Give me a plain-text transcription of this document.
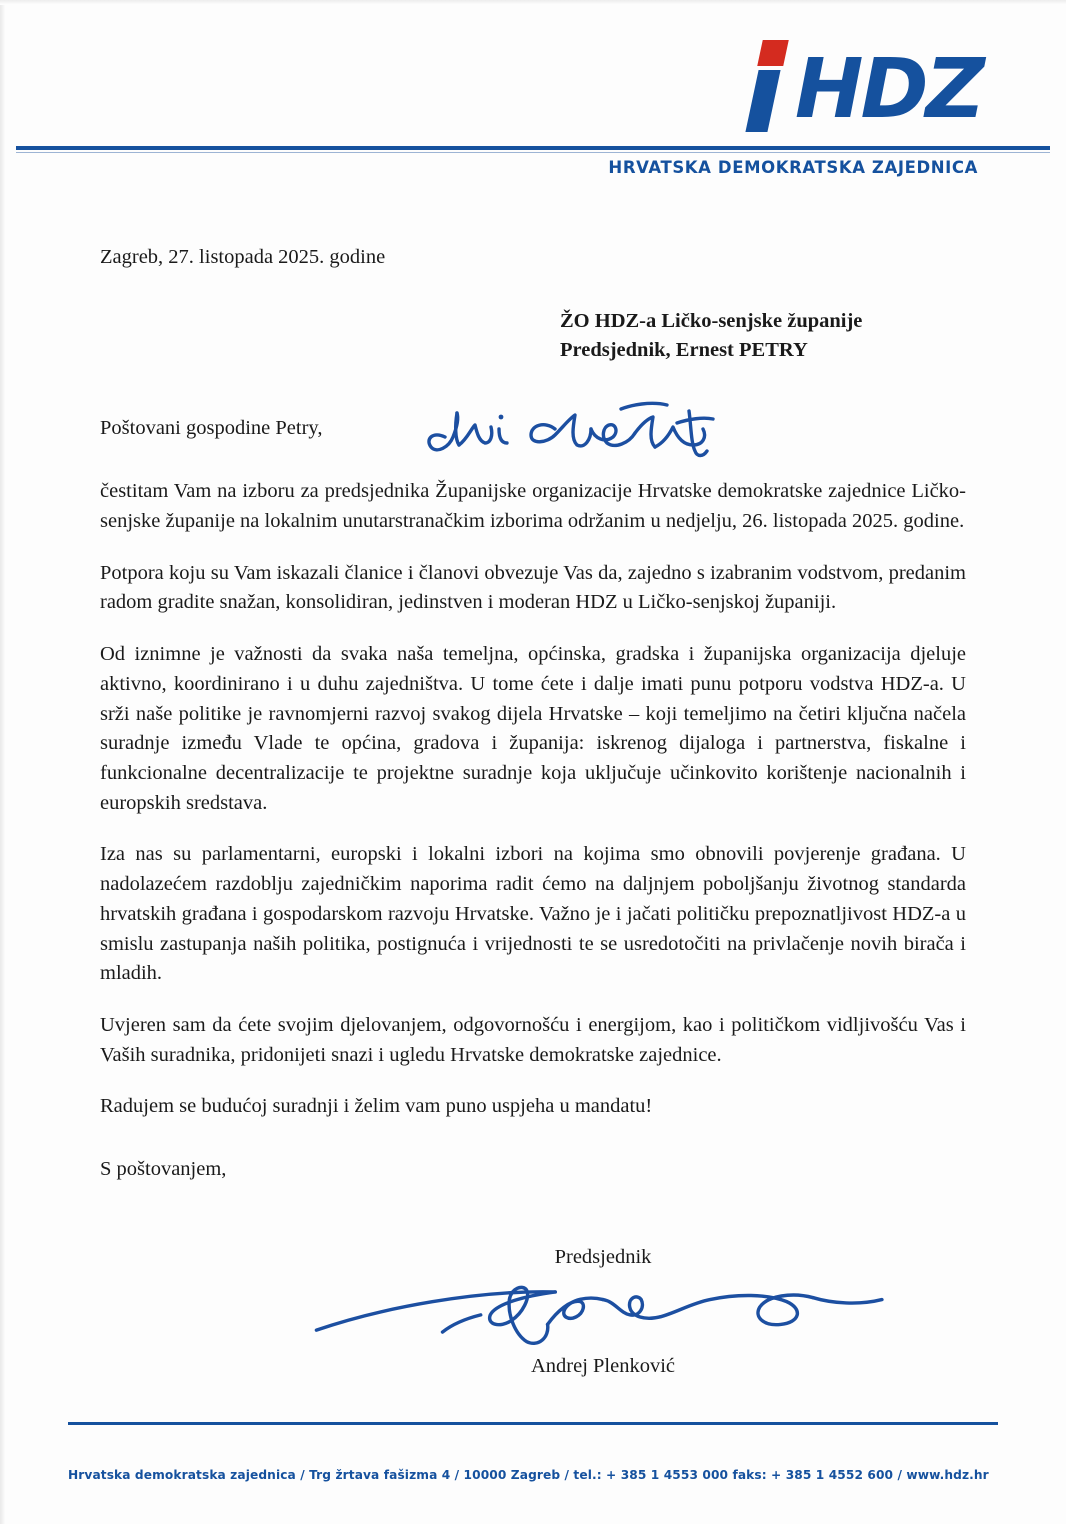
HDZ
HRVATSKA DEMOKRATSKA ZAJEDNICA
Zagreb, 27. listopada 2025. godine
ŽO HDZ-a Ličko-senjske županije
Predsjednik, Ernest PETRY
Poštovani gospodine Petry,

čestitam Vam na izboru za predsjednika Županijske organizacije Hrvatske demokratske zajednice Ličko-senjske županije na lokalnim unutarstranačkim izborima održanim u nedjelju, 26. listopada 2025. godine.

Potpora koju su Vam iskazali članice i članovi obvezuje Vas da, zajedno s izabranim vodstvom, predanim radom gradite snažan, konsolidiran, jedinstven i moderan HDZ u Ličko-senjskoj županiji.

Od iznimne je važnosti da svaka naša temeljna, općinska, gradska i županijska organizacija djeluje aktivno, koordinirano i u duhu zajedništva. U tome ćete i dalje imati punu potporu vodstva HDZ-a. U srži naše politike je ravnomjerni razvoj svakog dijela Hrvatske – koji temeljimo na četiri ključna načela suradnje između Vlade te općina, gradova i županija: iskrenog dijaloga i partnerstva, fiskalne i funkcionalne decentralizacije te projektne suradnje koja uključuje učinkovito korištenje nacionalnih i europskih sredstava.

Iza nas su parlamentarni, europski i lokalni izbori na kojima smo obnovili povjerenje građana. U nadolazećem razdoblju zajedničkim naporima radit ćemo na daljnjem poboljšanju životnog standarda hrvatskih građana i gospodarskom razvoju Hrvatske. Važno je i jačati političku prepoznatljivost HDZ-a u smislu zastupanja naših politika, postignuća i vrijednosti te se usredotočiti na privlačenje novih birača i mladih.

Uvjeren sam da ćete svojim djelovanjem, odgovornošću i energijom, kao i političkom vidljivošću Vas i Vaših suradnika, pridonijeti snazi i ugledu Hrvatske demokratske zajednice.

Radujem se budućoj suradnji i želim vam puno uspjeha u mandatu!

S poštovanjem,
Predsjednik
Andrej Plenković
Hrvatska demokratska zajednica / Trg žrtava fašizma 4 / 10000 Zagreb / tel.: + 385 1 4553 000 faks: + 385 1 4552 600 / www.hdz.hr
